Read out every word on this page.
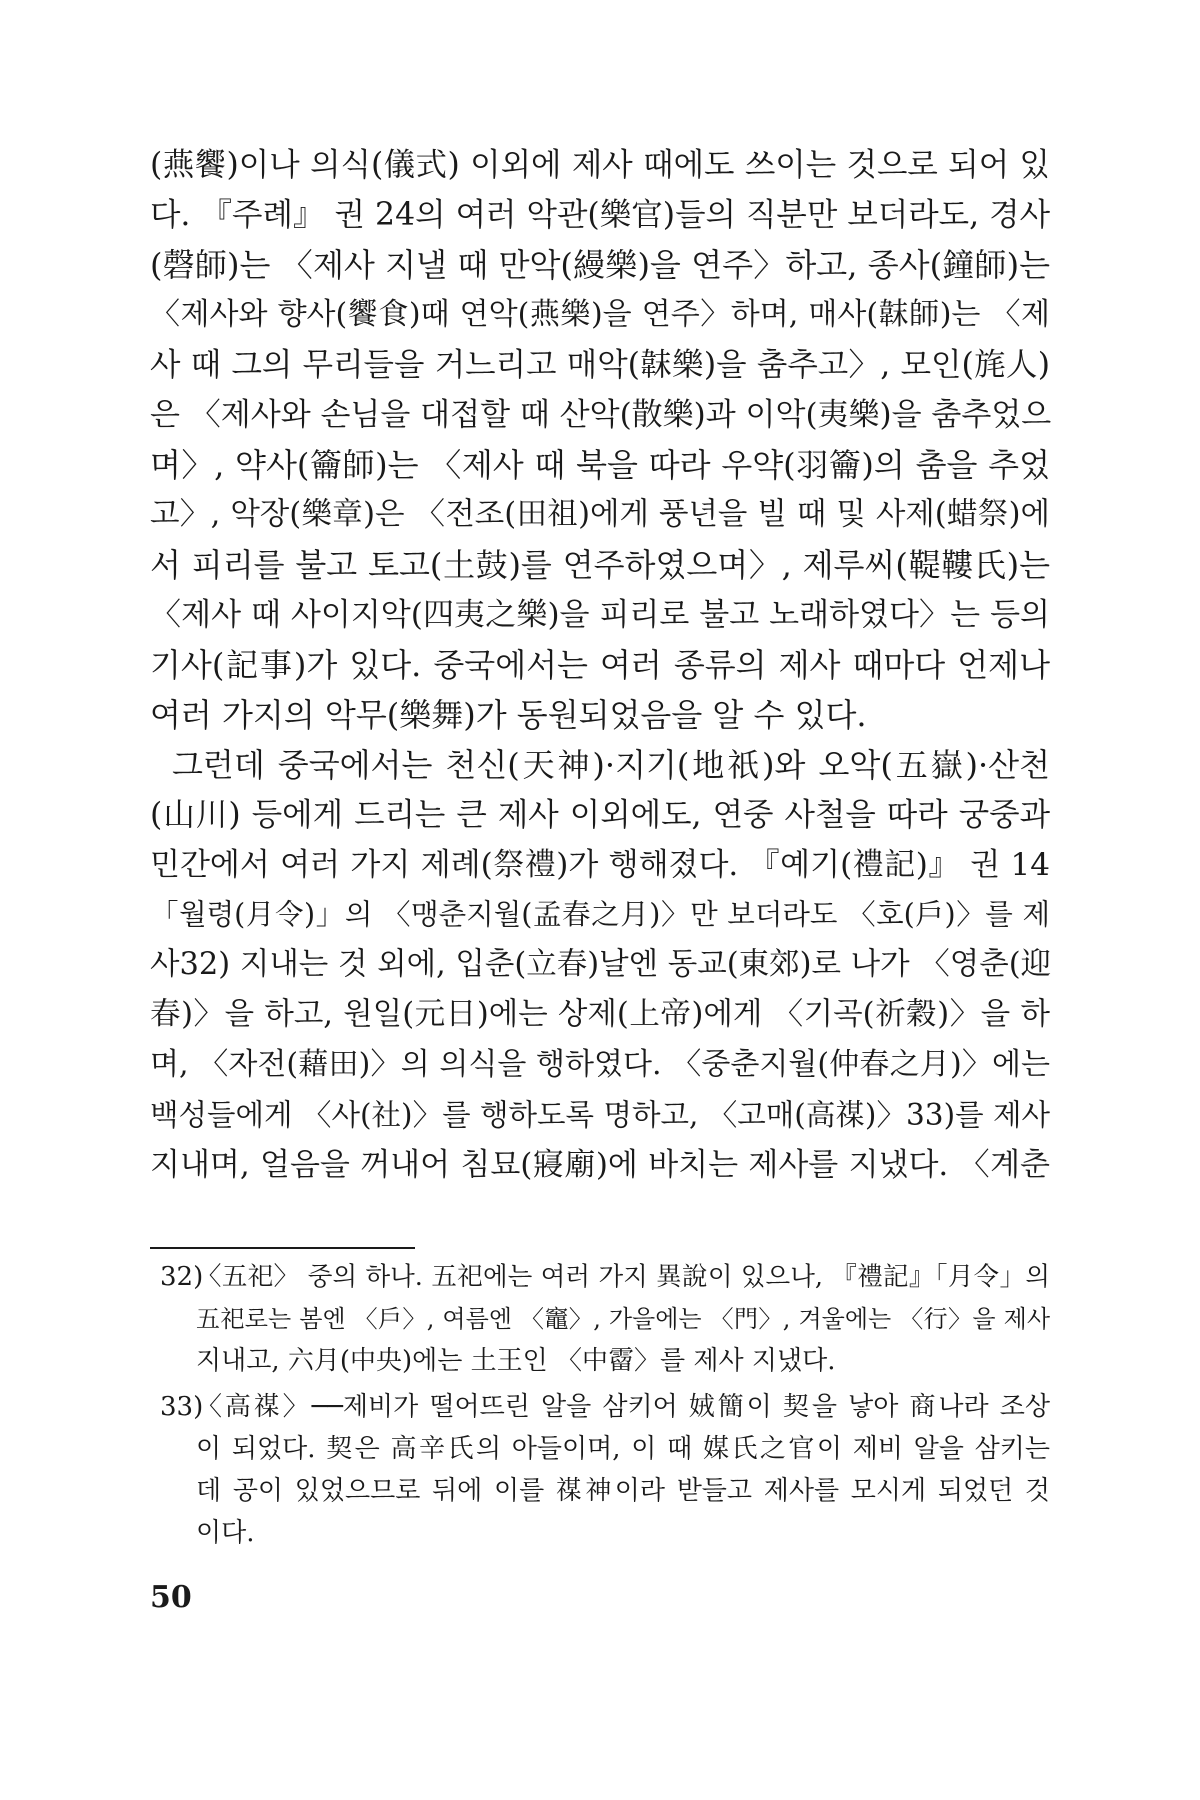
(燕饗)이나 의식(儀式) 이외에 제사 때에도 쓰이는 것으로 되어 있
다. 『주례』 권 24의 여러 악관(樂官)들의 직분만 보더라도, 경사
(磬師)는 〈제사 지낼 때 만악(縵樂)을 연주〉하고, 종사(鐘師)는
〈제사와 향사(饗食)때 연악(燕樂)을 연주〉하며, 매사(韎師)는 〈제
사 때 그의 무리들을 거느리고 매악(韎樂)을 춤추고〉, 모인(旄人)
은 〈제사와 손님을 대접할 때 산악(散樂)과 이악(夷樂)을 춤추었으
며〉, 약사(籥師)는 〈제사 때 북을 따라 우약(羽籥)의 춤을 추었
고〉, 악장(樂章)은 〈전조(田祖)에게 풍년을 빌 때 및 사제(蜡祭)에
서 피리를 불고 토고(土鼓)를 연주하였으며〉, 제루씨(鞮鞻氏)는
〈제사 때 사이지악(四夷之樂)을 피리로 불고 노래하였다〉는 등의
기사(記事)가 있다. 중국에서는 여러 종류의 제사 때마다 언제나
여러 가지의 악무(樂舞)가 동원되었음을 알 수 있다.
그런데 중국에서는 천신(天神)·지기(地祇)와 오악(五嶽)·산천
(山川) 등에게 드리는 큰 제사 이외에도, 연중 사철을 따라 궁중과
민간에서 여러 가지 제례(祭禮)가 행해졌다. 『예기(禮記)』 권 14
「월령(月令)」의 〈맹춘지월(孟春之月)〉만 보더라도 〈호(戶)〉를 제
사32) 지내는 것 외에, 입춘(立春)날엔 동교(東郊)로 나가 〈영춘(迎
春)〉을 하고, 원일(元日)에는 상제(上帝)에게 〈기곡(祈穀)〉을 하
며, 〈자전(藉田)〉의 의식을 행하였다. 〈중춘지월(仲春之月)〉에는
백성들에게 〈사(社)〉를 행하도록 명하고, 〈고매(高禖)〉33)를 제사
지내며, 얼음을 꺼내어 침묘(寢廟)에 바치는 제사를 지냈다. 〈계춘
32)
〈五祀〉 중의 하나. 五祀에는 여러 가지 異說이 있으나, 『禮記』「月令」의
五祀로는 봄엔 〈戶〉, 여름엔 〈竈〉, 가을에는 〈門〉, 겨울에는 〈行〉을 제사
지내고, 六月(中央)에는 土王인 〈中霤〉를 제사 지냈다.
33)
〈高禖〉──제비가 떨어뜨린 알을 삼키어 娀簡이 契을 낳아 商나라 조상
이 되었다. 契은 高辛氏의 아들이며, 이 때 媒氏之官이 제비 알을 삼키는
데 공이 있었으므로 뒤에 이를 禖神이라 받들고 제사를 모시게 되었던 것
이다.
50
